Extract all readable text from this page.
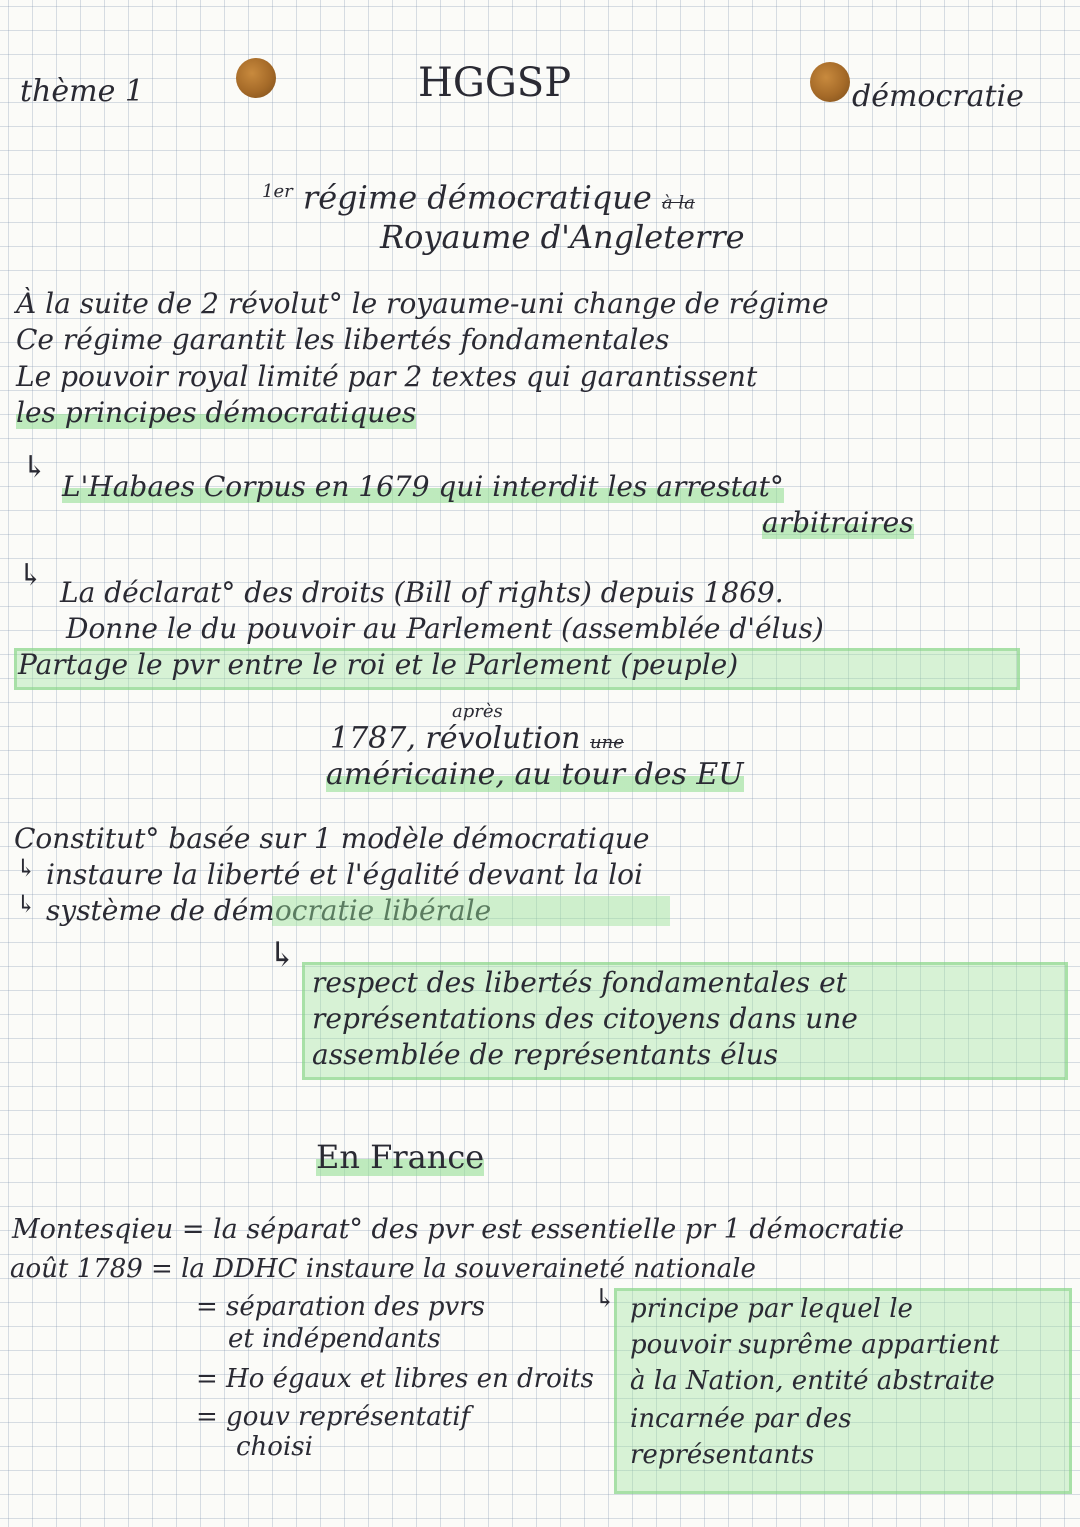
thème 1	HGGSP	démocratie
$^{1er}$ régime démocratique à la
Royaume d'Angleterre
À la suite de 2 révolut° le royaume-uni change de régime
Ce régime garantit les libertés fondamentales
Le pouvoir royal limité par 2 textes qui garantissent
les principes démocratiques
↳
L'Habaes Corpus en 1679 qui interdit les arrestat°
arbitraires
↳ La déclarat° des droits (Bill of rights) depuis 1869.
Donne le du pouvoir au Parlement (assemblée d'élus)
Partage le pvr entre le roi et le Parlement (peuple)
après
1787, révolution une
américaine, au tour des EU
Constitut° basée sur 1 modèle démocratique
↳ instaure la liberté et l'égalité devant la loi
↳ système de démocratie libérale
↳
respect des libertés fondamentales et
représentations des citoyens dans une
assemblée de représentants élus
En France
Montesqieu = la séparat° des pvr est essentielle pr 1 démocratie
août 1789 = la DDHC instaure la souveraineté nationale
= séparation des pvrs
et indépendants
= Ho égaux et libres en droits
= gouv représentatif
choisi
↳ principe par lequel le
pouvoir suprême appartient
à la Nation, entité abstraite
incarnée par des
représentants
